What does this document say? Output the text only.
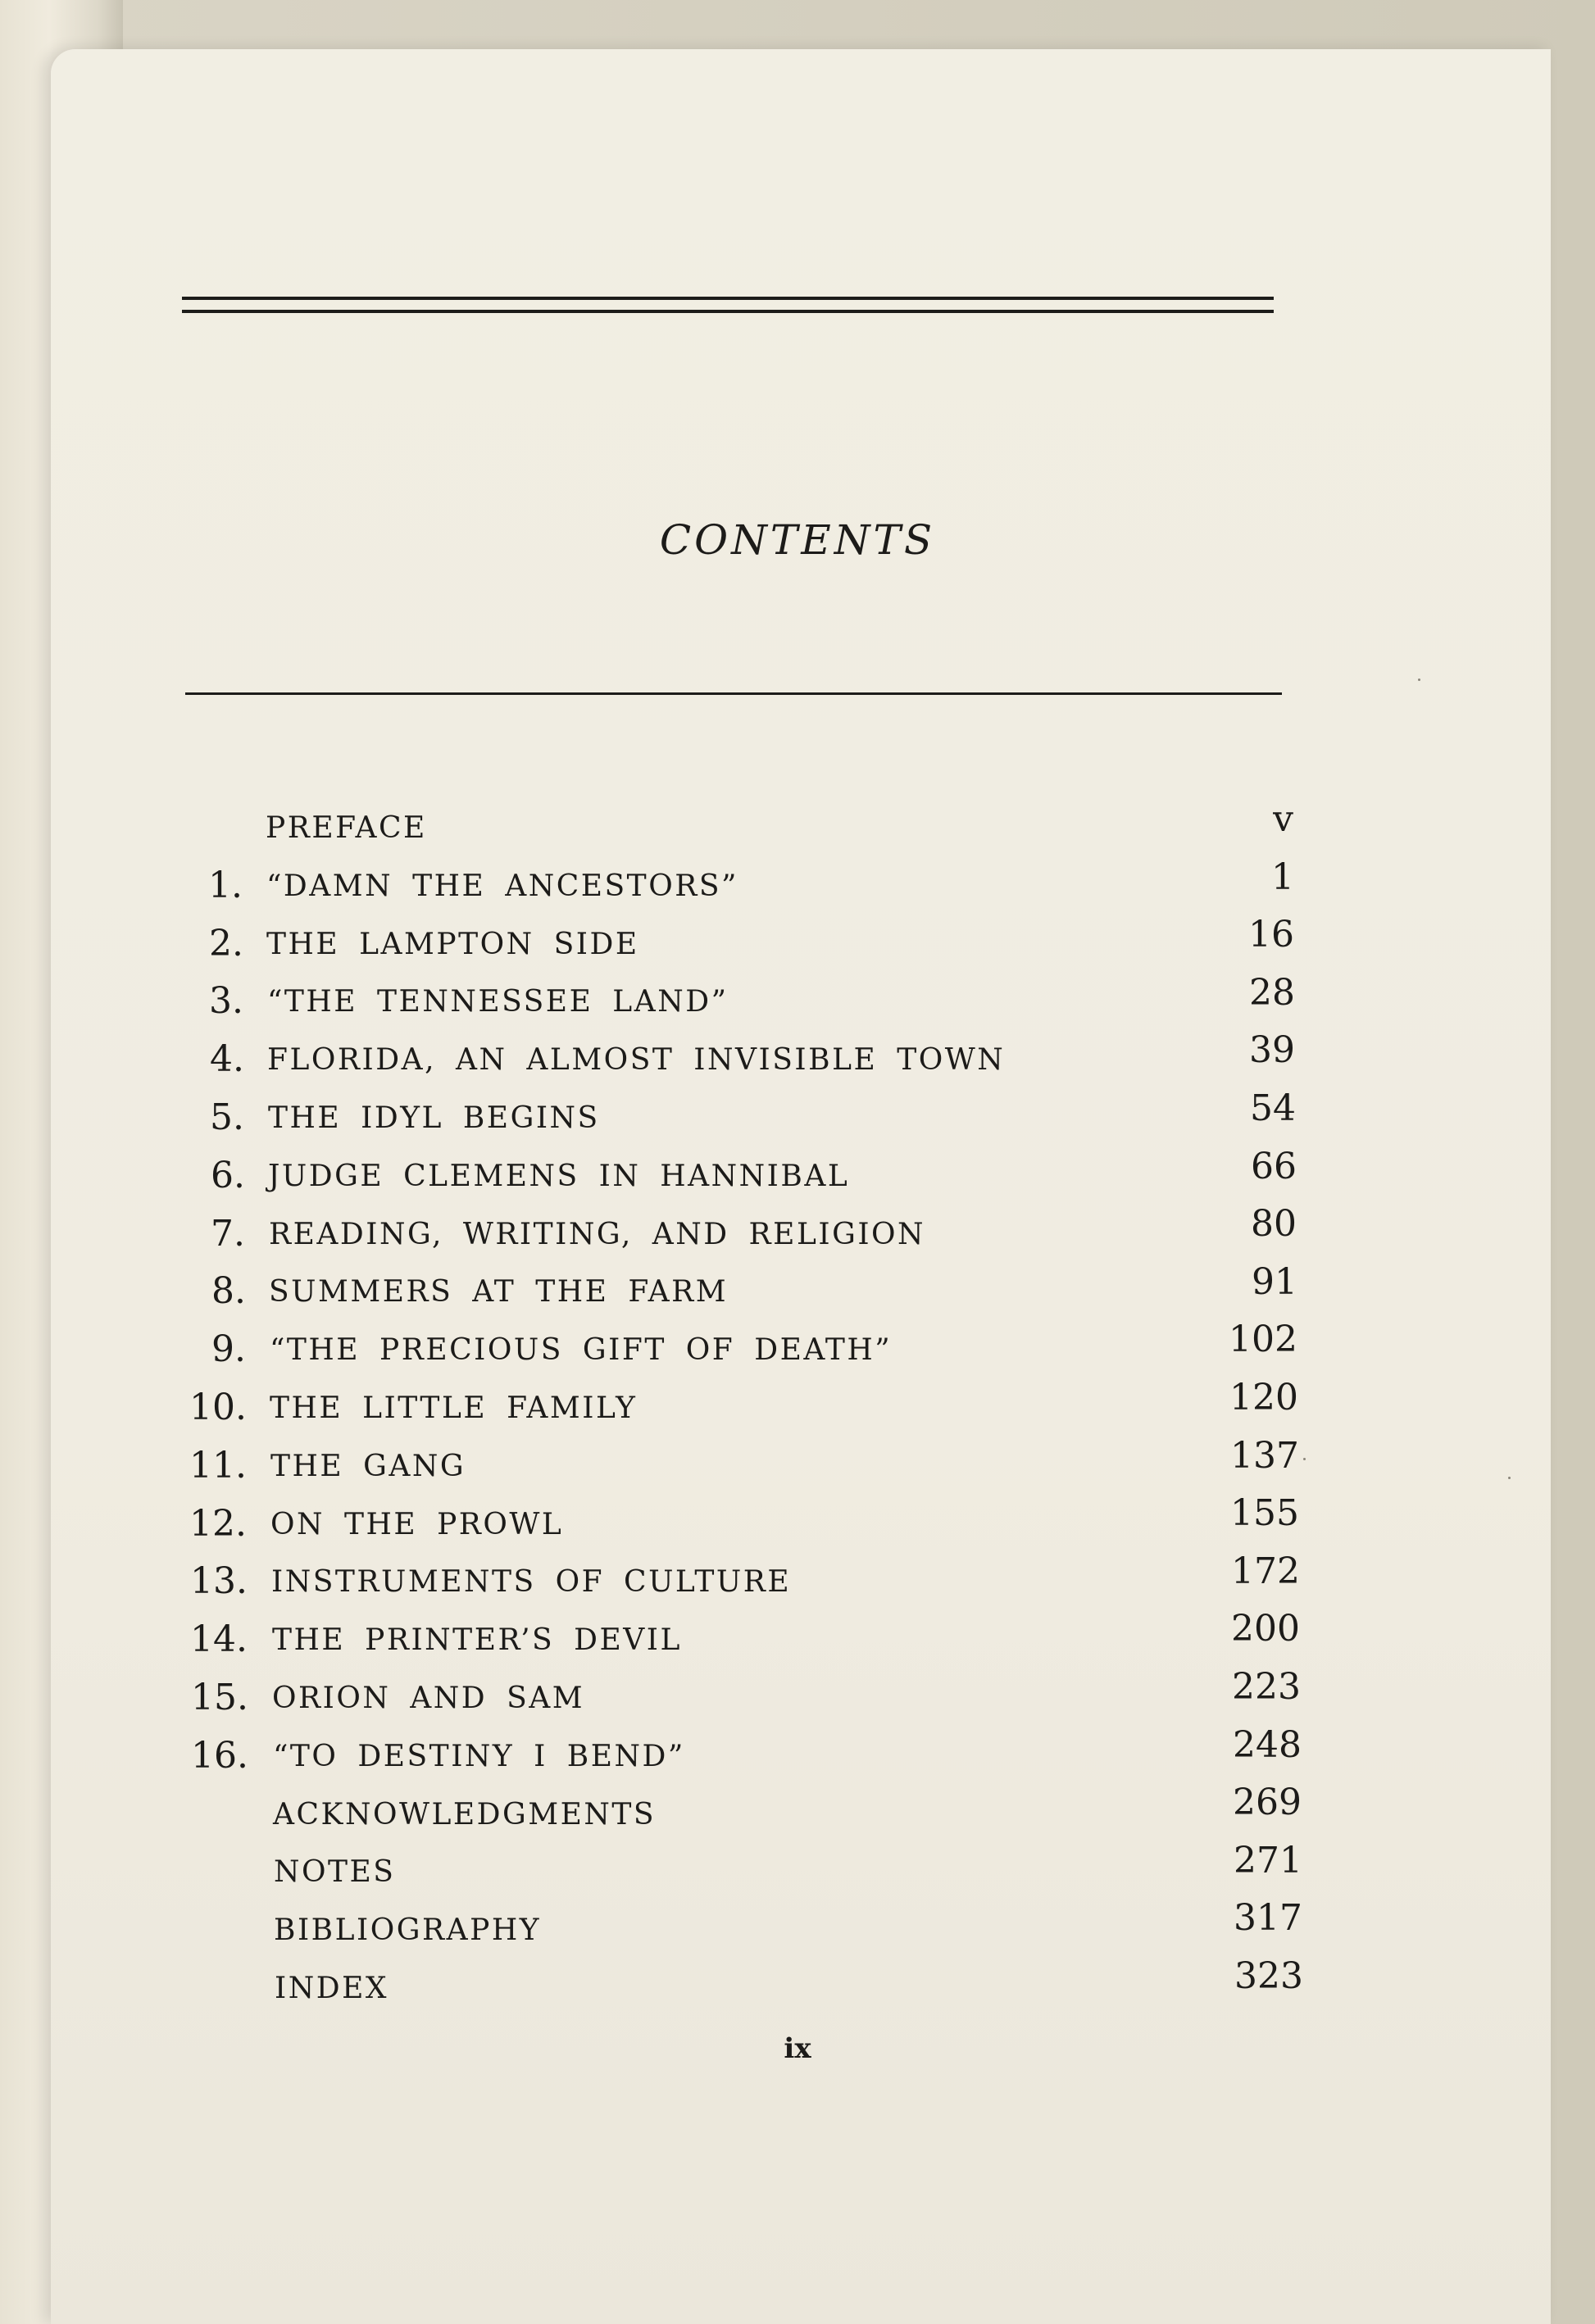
CONTENTS
PREFACE	v
1. “DAMN THE ANCESTORS”	1
2. THE LAMPTON SIDE	16
3. “THE TENNESSEE LAND”	28
4. FLORIDA, AN ALMOST INVISIBLE TOWN	39
5. THE IDYL BEGINS	54
6. JUDGE CLEMENS IN HANNIBAL	66
7. READING, WRITING, AND RELIGION	80
8. SUMMERS AT THE FARM	91
9. “THE PRECIOUS GIFT OF DEATH”	102
10. THE LITTLE FAMILY	120
11. THE GANG	137
12. ON THE PROWL	155
13. INSTRUMENTS OF CULTURE	172
14. THE PRINTER’S DEVIL	200
15. ORION AND SAM	223
16. “TO DESTINY I BEND”	248
ACKNOWLEDGMENTS	269
NOTES	271
BIBLIOGRAPHY	317
INDEX	323
ix
